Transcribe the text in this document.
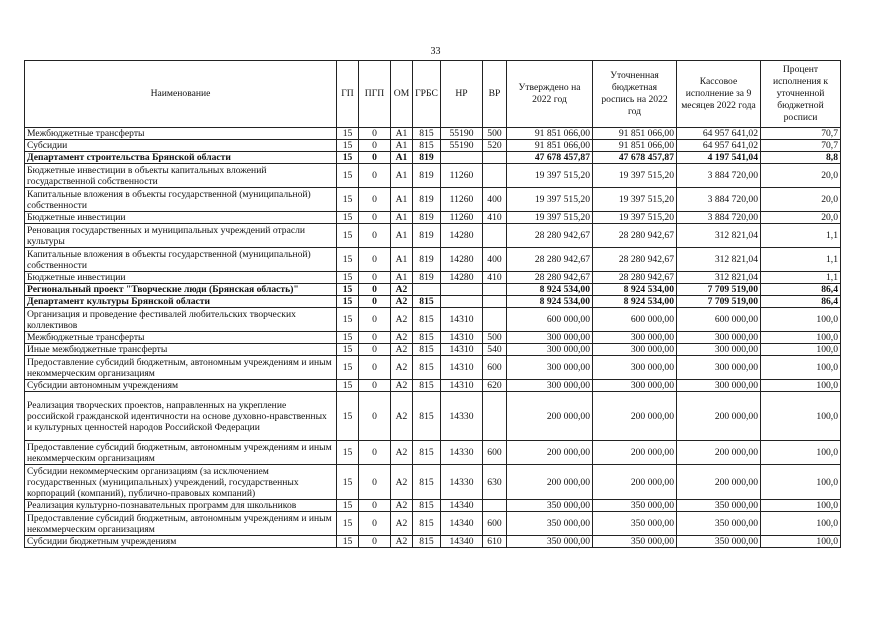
33
Наименование	ГП	ПГП	ОМ	ГРБС	НР	ВР	Утверждено на 2022 год	Уточненная бюджетная роспись на 2022 год	Кассовое исполнение за 9 месяцев 2022 года	Процент исполнения к уточненной бюджетной росписи
Межбюджетные трансферты	15	0	А1	815	55190	500	91 851 066,00	91 851 066,00	64 957 641,02	70,7
Субсидии	15	0	А1	815	55190	520	91 851 066,00	91 851 066,00	64 957 641,02	70,7
Департамент строительства Брянской области	15	0	А1	819			47 678 457,87	47 678 457,87	4 197 541,04	8,8
Бюджетные инвестиции в объекты капитальных вложений государственной собственности	15	0	А1	819	11260		19 397 515,20	19 397 515,20	3 884 720,00	20,0
Капитальные вложения в объекты государственной (муниципальной) собственности	15	0	А1	819	11260	400	19 397 515,20	19 397 515,20	3 884 720,00	20,0
Бюджетные инвестиции	15	0	А1	819	11260	410	19 397 515,20	19 397 515,20	3 884 720,00	20,0
Реновация государственных и муниципальных учреждений отрасли культуры	15	0	А1	819	14280		28 280 942,67	28 280 942,67	312 821,04	1,1
Капитальные вложения в объекты государственной (муниципальной) собственности	15	0	А1	819	14280	400	28 280 942,67	28 280 942,67	312 821,04	1,1
Бюджетные инвестиции	15	0	А1	819	14280	410	28 280 942,67	28 280 942,67	312 821,04	1,1
Региональный проект "Творческие люди (Брянская область)"	15	0	А2				8 924 534,00	8 924 534,00	7 709 519,00	86,4
Департамент культуры Брянской области	15	0	А2	815			8 924 534,00	8 924 534,00	7 709 519,00	86,4
Организация и проведение фестивалей любительских творческих коллективов	15	0	А2	815	14310		600 000,00	600 000,00	600 000,00	100,0
Межбюджетные трансферты	15	0	А2	815	14310	500	300 000,00	300 000,00	300 000,00	100,0
Иные межбюджетные трансферты	15	0	А2	815	14310	540	300 000,00	300 000,00	300 000,00	100,0
Предоставление субсидий бюджетным, автономным учреждениям и иным некоммерческим организациям	15	0	А2	815	14310	600	300 000,00	300 000,00	300 000,00	100,0
Субсидии автономным учреждениям	15	0	А2	815	14310	620	300 000,00	300 000,00	300 000,00	100,0
Реализация творческих проектов, направленных на укрепление российской гражданской идентичности на основе духовно-нравственных и культурных ценностей народов Российской Федерации	15	0	А2	815	14330		200 000,00	200 000,00	200 000,00	100,0
Предоставление субсидий бюджетным, автономным учреждениям и иным некоммерческим организациям	15	0	А2	815	14330	600	200 000,00	200 000,00	200 000,00	100,0
Субсидии некоммерческим организациям (за исключением государственных (муниципальных) учреждений, государственных корпораций (компаний), публично-правовых компаний)	15	0	А2	815	14330	630	200 000,00	200 000,00	200 000,00	100,0
Реализация культурно-познавательных программ для школьников	15	0	А2	815	14340		350 000,00	350 000,00	350 000,00	100,0
Предоставление субсидий бюджетным, автономным учреждениям и иным некоммерческим организациям	15	0	А2	815	14340	600	350 000,00	350 000,00	350 000,00	100,0
Субсидии бюджетным учреждениям	15	0	А2	815	14340	610	350 000,00	350 000,00	350 000,00	100,0
